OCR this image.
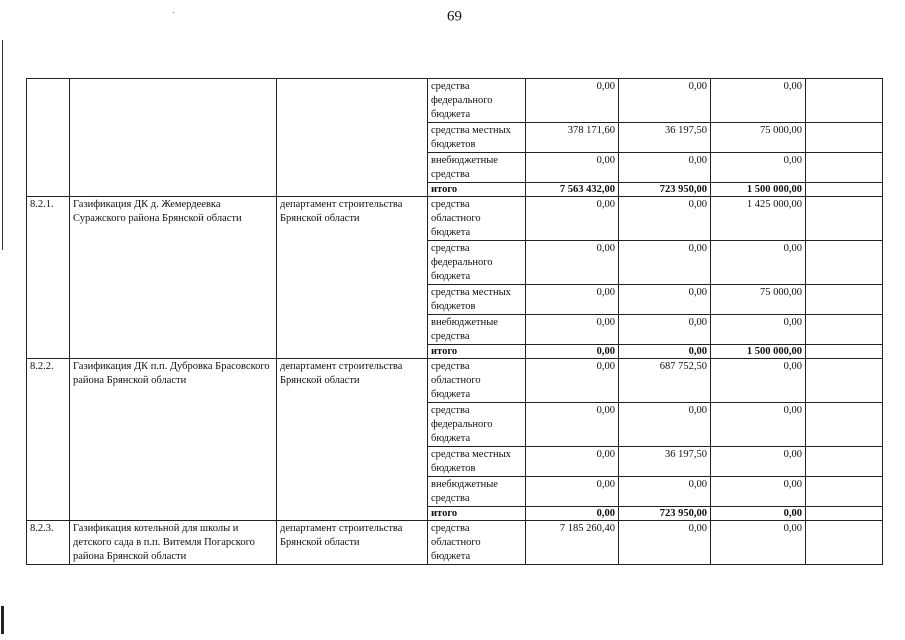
69
			средства
федерального
бюджета	0,00	0,00	0,00	
			средства местных
бюджетов	378 171,60	36 197,50	75 000,00	
			внебюджетные
средства	0,00	0,00	0,00	
			итого	7 563 432,00	723 950,00	1 500 000,00	
8.2.1.	Газификация ДК д. Жемердеевка Суражского района Брянской области	департамент строительства Брянской области	средства
областного
бюджета	0,00	0,00	1 425 000,00	
			средства
федерального
бюджета	0,00	0,00	0,00	
			средства местных
бюджетов	0,00	0,00	75 000,00	
			внебюджетные
средства	0,00	0,00	0,00	
			итого	0,00	0,00	1 500 000,00	
8.2.2.	Газификация ДК п.п. Дубровка Брасовского района Брянской области	департамент строительства Брянской области	средства
областного
бюджета	0,00	687 752,50	0,00	
			средства
федерального
бюджета	0,00	0,00	0,00	
			средства местных
бюджетов	0,00	36 197,50	0,00	
			внебюджетные
средства	0,00	0,00	0,00	
			итого	0,00	723 950,00	0,00	
8.2.3.	Газификация котельной для школы и детского сада в п.п. Витемля Погарского района Брянской области	департамент строительства Брянской области	средства
областного
бюджета	7 185 260,40	0,00	0,00	
